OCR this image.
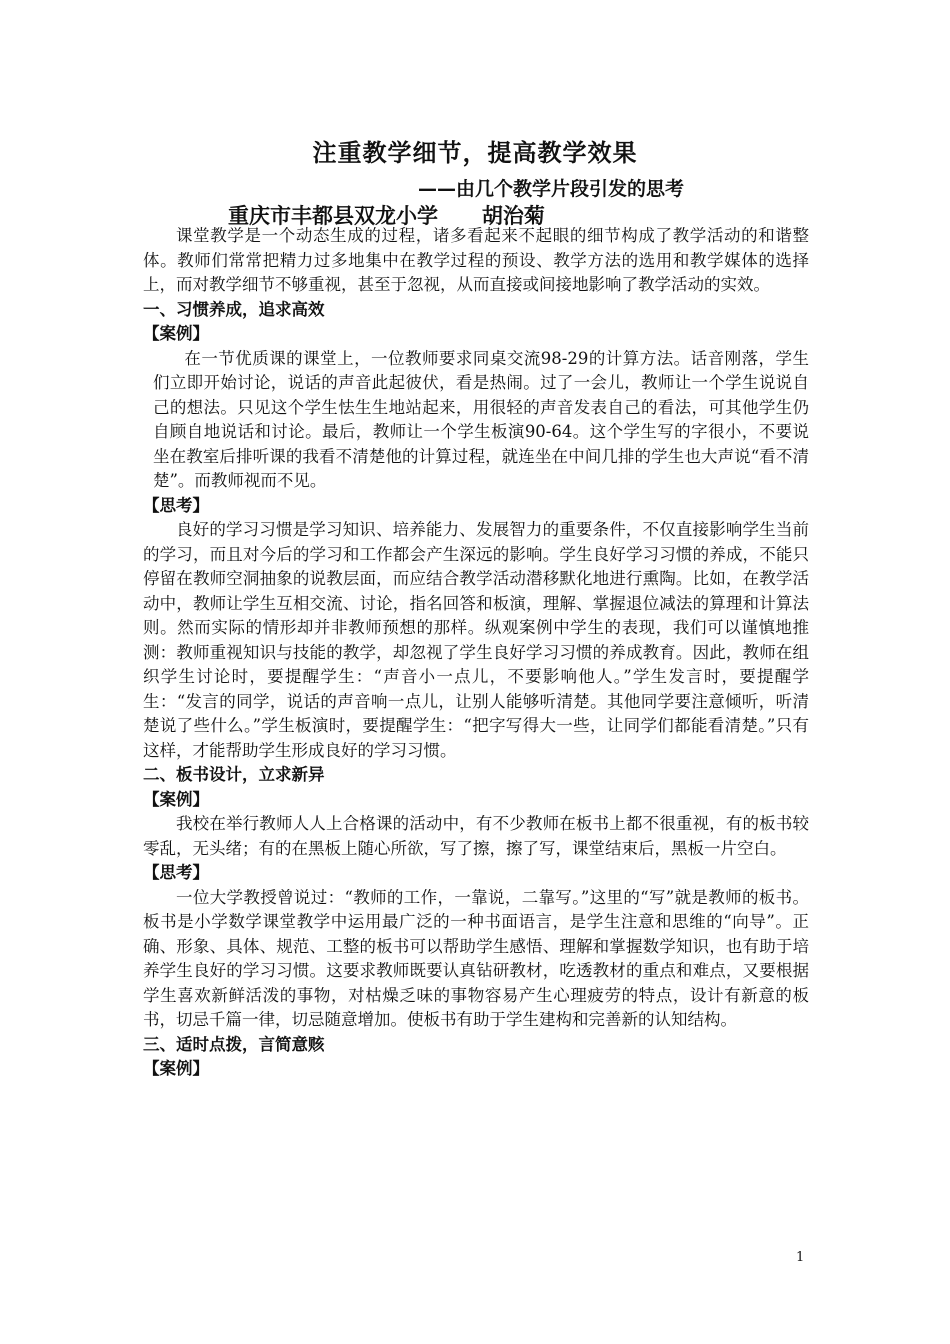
注重教学细节，提高教学效果
——由几个教学片段引发的思考
重庆市丰都县双龙小学      胡治菊

课堂教学是一个动态生成的过程，诸多看起来不起眼的细节构成了教学活动的和谐整体。教师们常常把精力过多地集中在教学过程的预设、教学方法的选用和教学媒体的选择上，而对教学细节不够重视，甚至于忽视，从而直接或间接地影响了教学活动的实效。

一、习惯养成，追求高效

【案例】

在一节优质课的课堂上，一位教师要求同桌交流98-29的计算方法。话音刚落，学生们立即开始讨论，说话的声音此起彼伏，看是热闹。过了一会儿，教师让一个学生说说自己的想法。只见这个学生怯生生地站起来，用很轻的声音发表自己的看法，可其他学生仍自顾自地说话和讨论。最后，教师让一个学生板演90-64。这个学生写的字很小，不要说坐在教室后排听课的我看不清楚他的计算过程，就连坐在中间几排的学生也大声说“看不清楚”。而教师视而不见。

【思考】

良好的学习习惯是学习知识、培养能力、发展智力的重要条件，不仅直接影响学生当前的学习，而且对今后的学习和工作都会产生深远的影响。学生良好学习习惯的养成，不能只停留在教师空洞抽象的说教层面，而应结合教学活动潜移默化地进行熏陶。比如，在教学活动中，教师让学生互相交流、讨论，指名回答和板演，理解、掌握退位减法的算理和计算法则。然而实际的情形却并非教师预想的那样。纵观案例中学生的表现，我们可以谨慎地推测：教师重视知识与技能的教学，却忽视了学生良好学习习惯的养成教育。因此，教师在组织学生讨论时，要提醒学生：“声音小一点儿，不要影响他人。”学生发言时，要提醒学生：“发言的同学，说话的声音响一点儿，让别人能够听清楚。其他同学要注意倾听，听清楚说了些什么。”学生板演时，要提醒学生：“把字写得大一些，让同学们都能看清楚。”只有这样，才能帮助学生形成良好的学习习惯。

二、板书设计，立求新异

【案例】

我校在举行教师人人上合格课的活动中，有不少教师在板书上都不很重视，有的板书较零乱，无头绪；有的在黑板上随心所欲，写了擦，擦了写，课堂结束后，黑板一片空白。

【思考】

一位大学教授曾说过：“教师的工作，一靠说，二靠写。”这里的“写”就是教师的板书。板书是小学数学课堂教学中运用最广泛的一种书面语言，是学生注意和思维的“向导”。正确、形象、具体、规范、工整的板书可以帮助学生感悟、理解和掌握数学知识，也有助于培养学生良好的学习习惯。这要求教师既要认真钻研教材，吃透教材的重点和难点，又要根据学生喜欢新鲜活泼的事物，对枯燥乏味的事物容易产生心理疲劳的特点，设计有新意的板书，切忌千篇一律，切忌随意增加。使板书有助于学生建构和完善新的认知结构。

三、适时点拨，言简意赅

【案例】

1
